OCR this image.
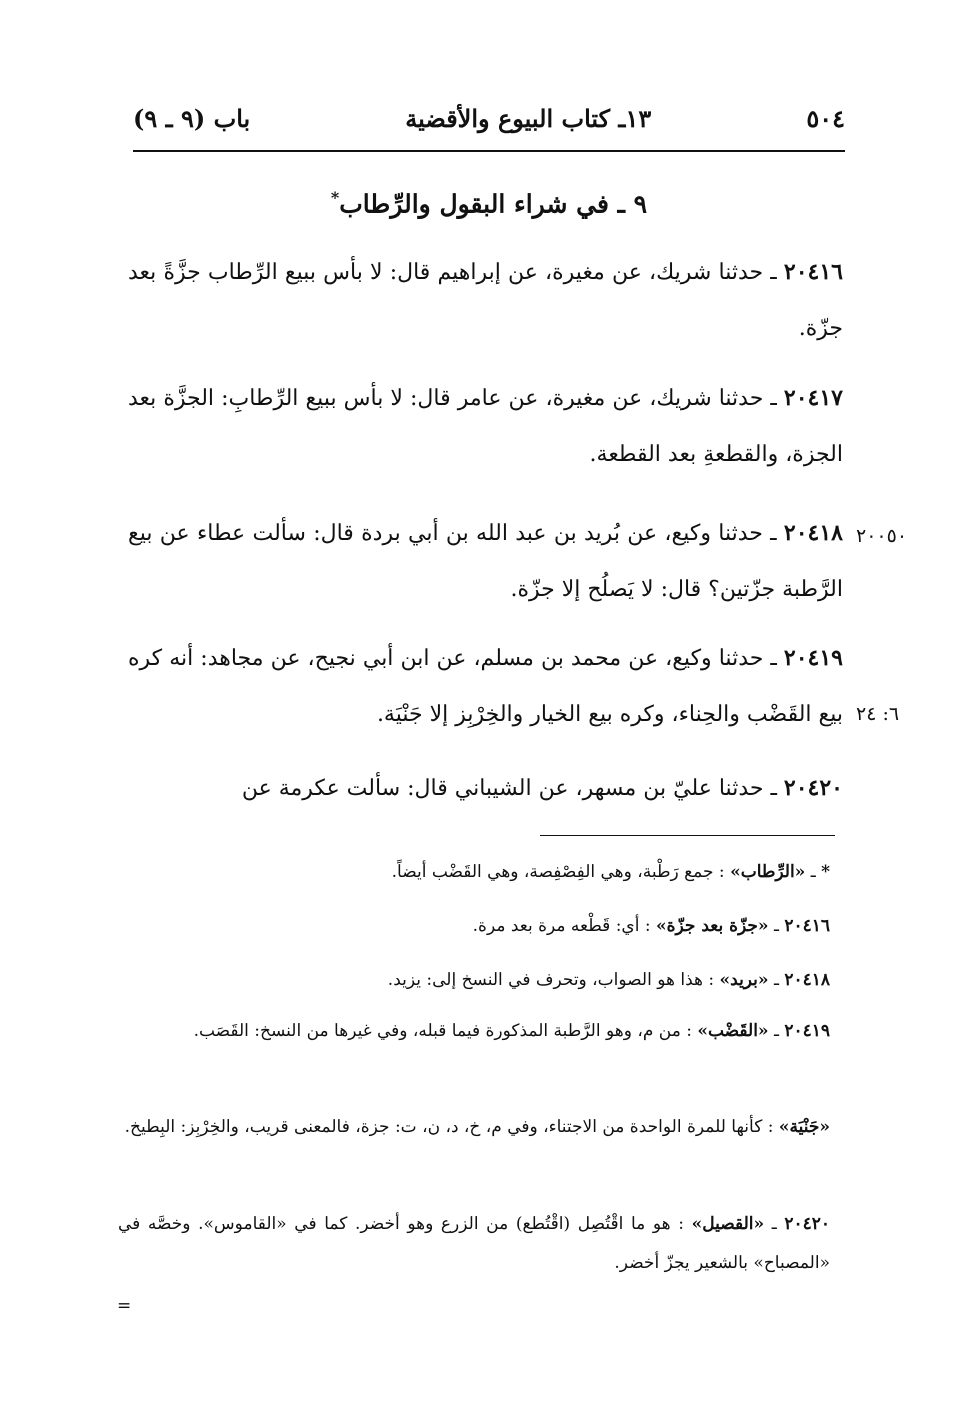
٥٠٤
١٣ـ كتاب البيوع والأقضية
باب (٩ ـ ٩)
٩ ـ في شراء البقول والرِّطاب*

٢٠٤١٦ ـ حدثنا شريك، عن مغيرة، عن إبراهيم قال: لا بأس ببيع الرِّطاب جزَّةً بعد جزّة.

٢٠٤١٧ ـ حدثنا شريك، عن مغيرة، عن عامر قال: لا بأس ببيع الرِّطابِ: الجزَّة بعد الجزة، والقطعةِ بعد القطعة.

٢٠٤١٨ ـ حدثنا وكيع، عن بُريد بن عبد الله بن أبي بردة قال: سألت عطاء عن بيع الرَّطبة جزّتين؟ قال: لا يَصلُح إلا جزّة.

٢٠٠٥٠

٢٠٤١٩ ـ حدثنا وكيع، عن محمد بن مسلم، عن ابن أبي نجيح، عن مجاهد: أنه كره بيع القَضْب والحِناء، وكره بيع الخيار والخِرْبِز إلا جَنْيَة. ٦: ٢٤

٢٠٤٢٠ ـ حدثنا عليّ بن مسهر، عن الشيباني قال: سألت عكرمة عن

* ـ «الرِّطاب» : جمع رَطْبة، وهي الفِصْفِصة، وهي القَضْب أيضاً.

٢٠٤١٦ ـ «جزّة بعد جزّة» : أي: قَطْعه مرة بعد مرة.

٢٠٤١٨ ـ «بريد» : هذا هو الصواب، وتحرف في النسخ إلى: يزيد.

٢٠٤١٩ ـ «القَضْب» : من م، وهو الرَّطبة المذكورة فيما قبله، وفي غيرها من النسخ: القَصَب.

«جَنْيَة» : كأنها للمرة الواحدة من الاجتناء، وفي م، خ، د، ن، ت: جزة، فالمعنى قريب، والخِرْبِز: البِطيخ.

٢٠٤٢٠ ـ «القصيل» : هو ما اقْتُصِل (اقْتُطع) من الزرع وهو أخضر. كما في «القاموس». وخصَّه في «المصباح» بالشعير يجزّ أخضر.

=
